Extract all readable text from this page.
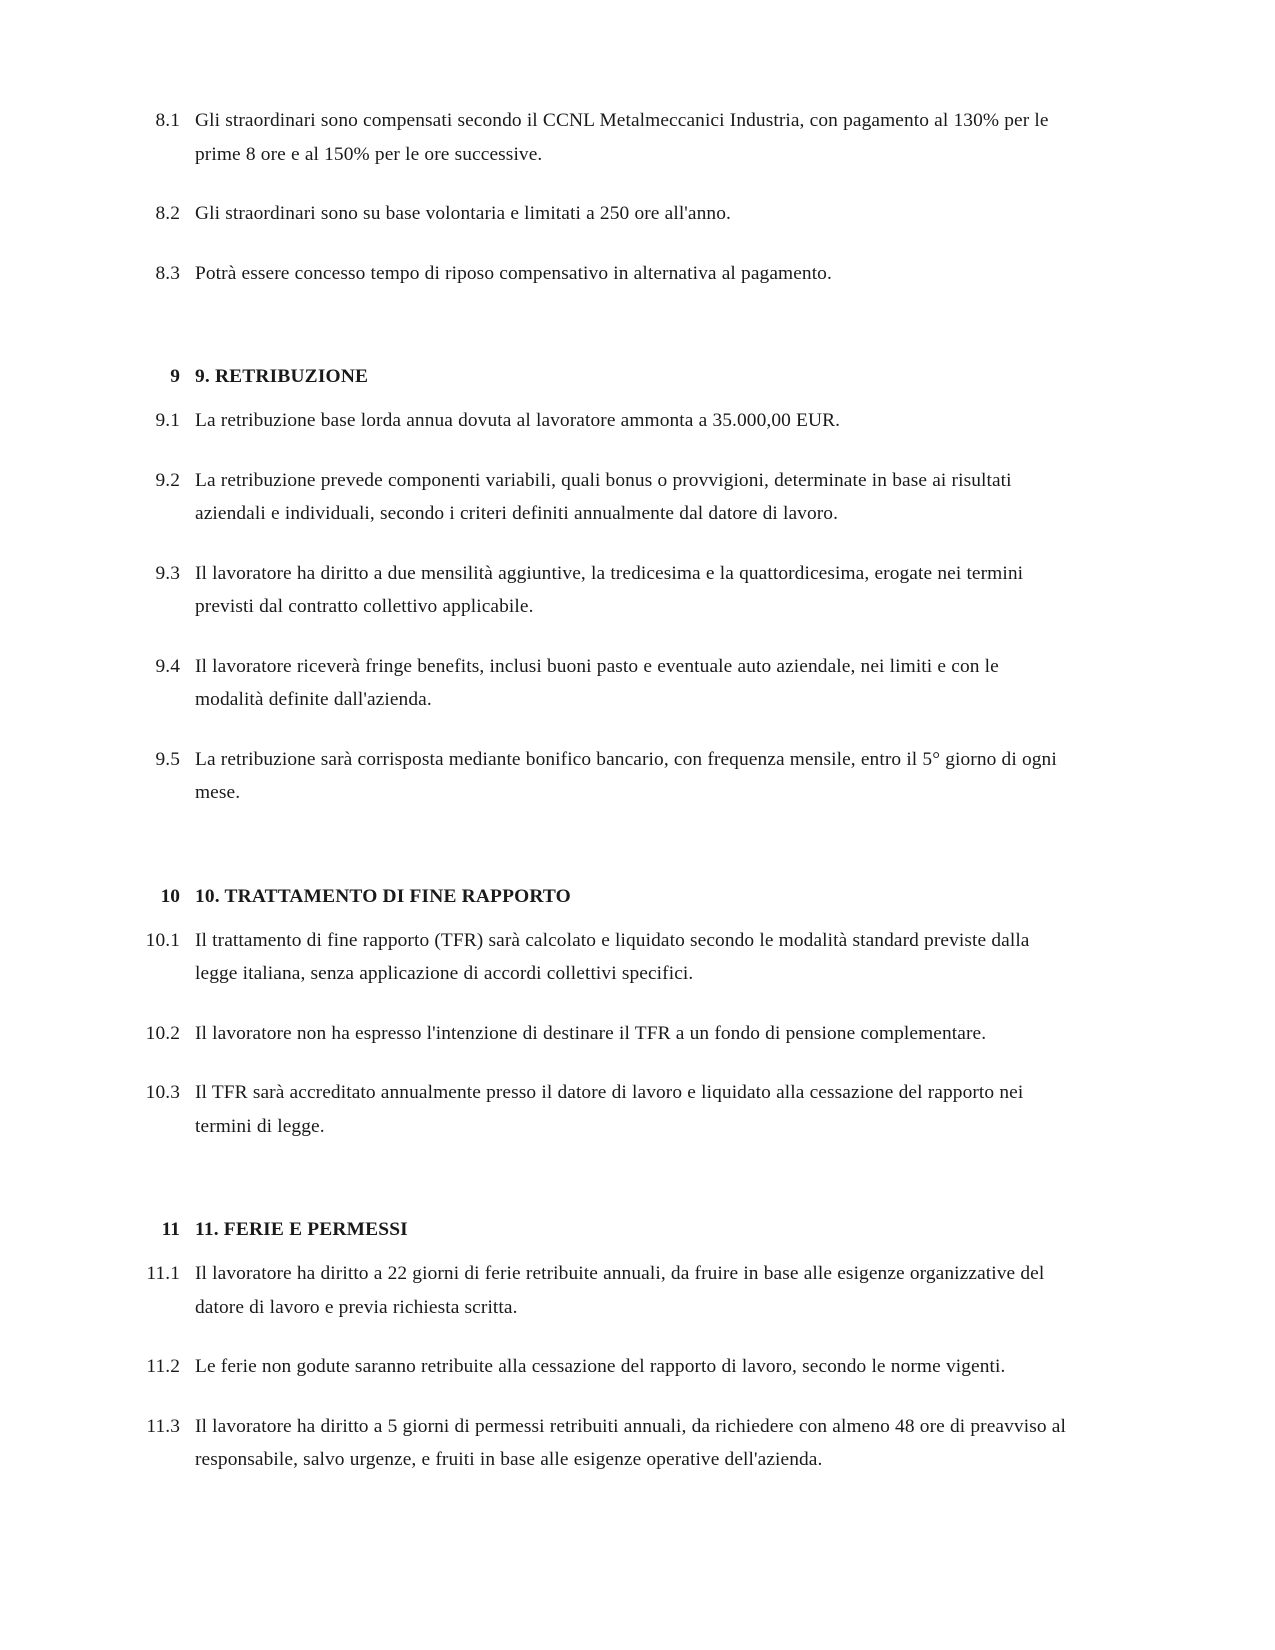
8.1 Gli straordinari sono compensati secondo il CCNL Metalmeccanici Industria, con pagamento al 130% per le prime 8 ore e al 150% per le ore successive.
8.2 Gli straordinari sono su base volontaria e limitati a 250 ore all'anno.
8.3 Potrà essere concesso tempo di riposo compensativo in alternativa al pagamento.
9 9. RETRIBUZIONE
9.1 La retribuzione base lorda annua dovuta al lavoratore ammonta a 35.000,00 EUR.
9.2 La retribuzione prevede componenti variabili, quali bonus o provvigioni, determinate in base ai risultati aziendali e individuali, secondo i criteri definiti annualmente dal datore di lavoro.
9.3 Il lavoratore ha diritto a due mensilità aggiuntive, la tredicesima e la quattordicesima, erogate nei termini previsti dal contratto collettivo applicabile.
9.4 Il lavoratore riceverà fringe benefits, inclusi buoni pasto e eventuale auto aziendale, nei limiti e con le modalità definite dall'azienda.
9.5 La retribuzione sarà corrisposta mediante bonifico bancario, con frequenza mensile, entro il 5° giorno di ogni mese.
10 10. TRATTAMENTO DI FINE RAPPORTO
10.1 Il trattamento di fine rapporto (TFR) sarà calcolato e liquidato secondo le modalità standard previste dalla legge italiana, senza applicazione di accordi collettivi specifici.
10.2 Il lavoratore non ha espresso l'intenzione di destinare il TFR a un fondo di pensione complementare.
10.3 Il TFR sarà accreditato annualmente presso il datore di lavoro e liquidato alla cessazione del rapporto nei termini di legge.
11 11. FERIE E PERMESSI
11.1 Il lavoratore ha diritto a 22 giorni di ferie retribuite annuali, da fruire in base alle esigenze organizzative del datore di lavoro e previa richiesta scritta.
11.2 Le ferie non godute saranno retribuite alla cessazione del rapporto di lavoro, secondo le norme vigenti.
11.3 Il lavoratore ha diritto a 5 giorni di permessi retribuiti annuali, da richiedere con almeno 48 ore di preavviso al responsabile, salvo urgenze, e fruiti in base alle esigenze operative dell'azienda.
